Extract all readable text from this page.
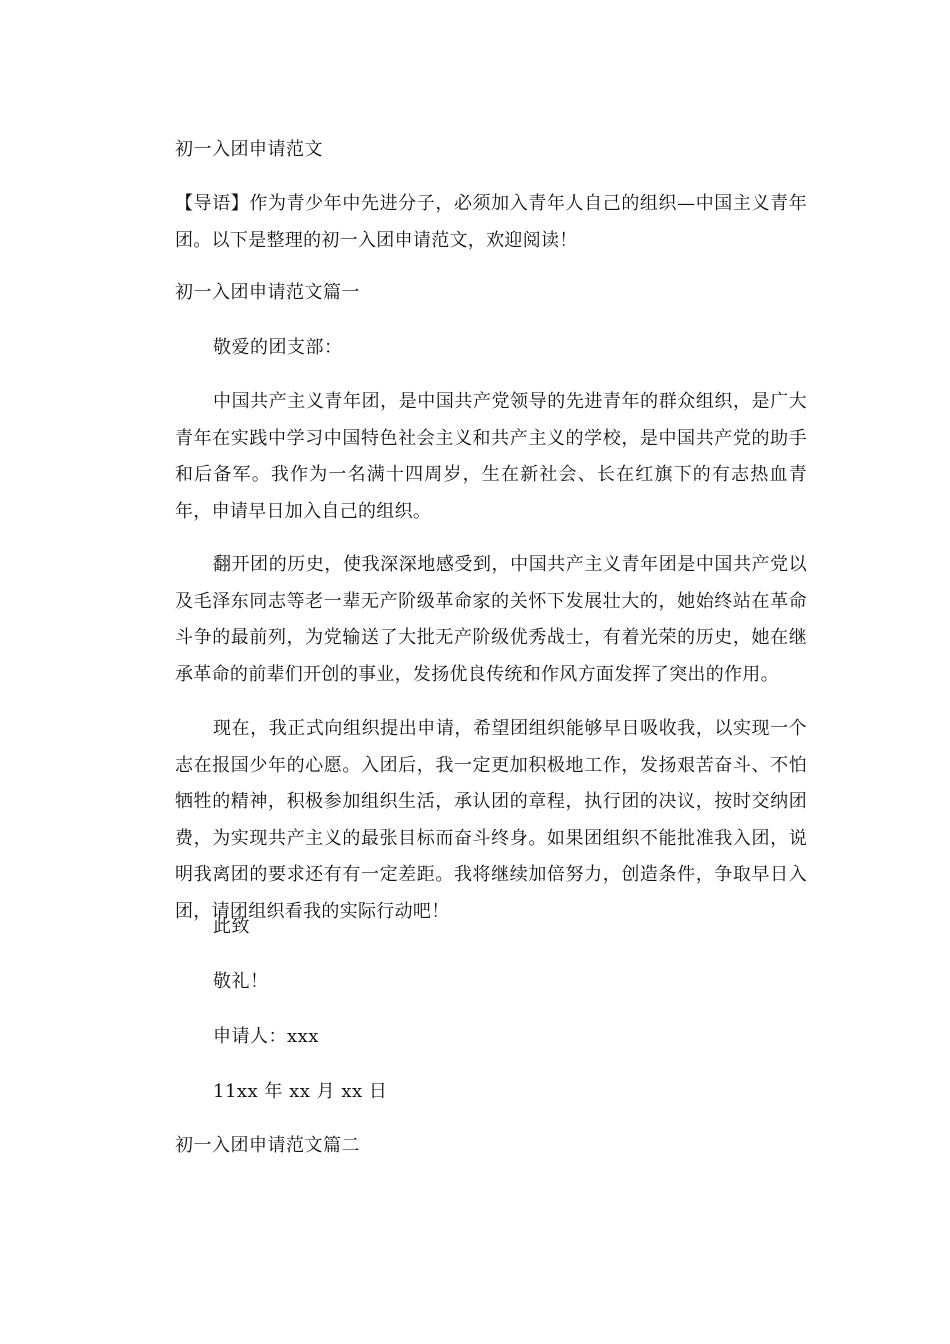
初一入团申请范文
【导语】作为青少年中先进分子，必须加入青年人自己的组织—中国主义青年团。以下是整理的初一入团申请范文，欢迎阅读！
初一入团申请范文篇一
敬爱的团支部：
中国共产主义青年团，是中国共产党领导的先进青年的群众组织，是广大青年在实践中学习中国特色社会主义和共产主义的学校，是中国共产党的助手和后备军。我作为一名满十四周岁，生在新社会、长在红旗下的有志热血青年，申请早日加入自己的组织。
翻开团的历史，使我深深地感受到，中国共产主义青年团是中国共产党以及毛泽东同志等老一辈无产阶级革命家的关怀下发展壮大的，她始终站在革命斗争的最前列，为党输送了大批无产阶级优秀战士，有着光荣的历史，她在继承革命的前辈们开创的事业，发扬优良传统和作风方面发挥了突出的作用。
现在，我正式向组织提出申请，希望团组织能够早日吸收我，以实现一个志在报国少年的心愿。入团后，我一定更加积极地工作，发扬艰苦奋斗、不怕牺牲的精神，积极参加组织生活，承认团的章程，执行团的决议，按时交纳团费，为实现共产主义的最张目标而奋斗终身。如果团组织不能批准我入团，说明我离团的要求还有有一定差距。我将继续加倍努力，创造条件，争取早日入团，请团组织看我的实际行动吧！
此致
敬礼！
申请人：xxx
11xx 年 xx 月 xx 日
初一入团申请范文篇二
